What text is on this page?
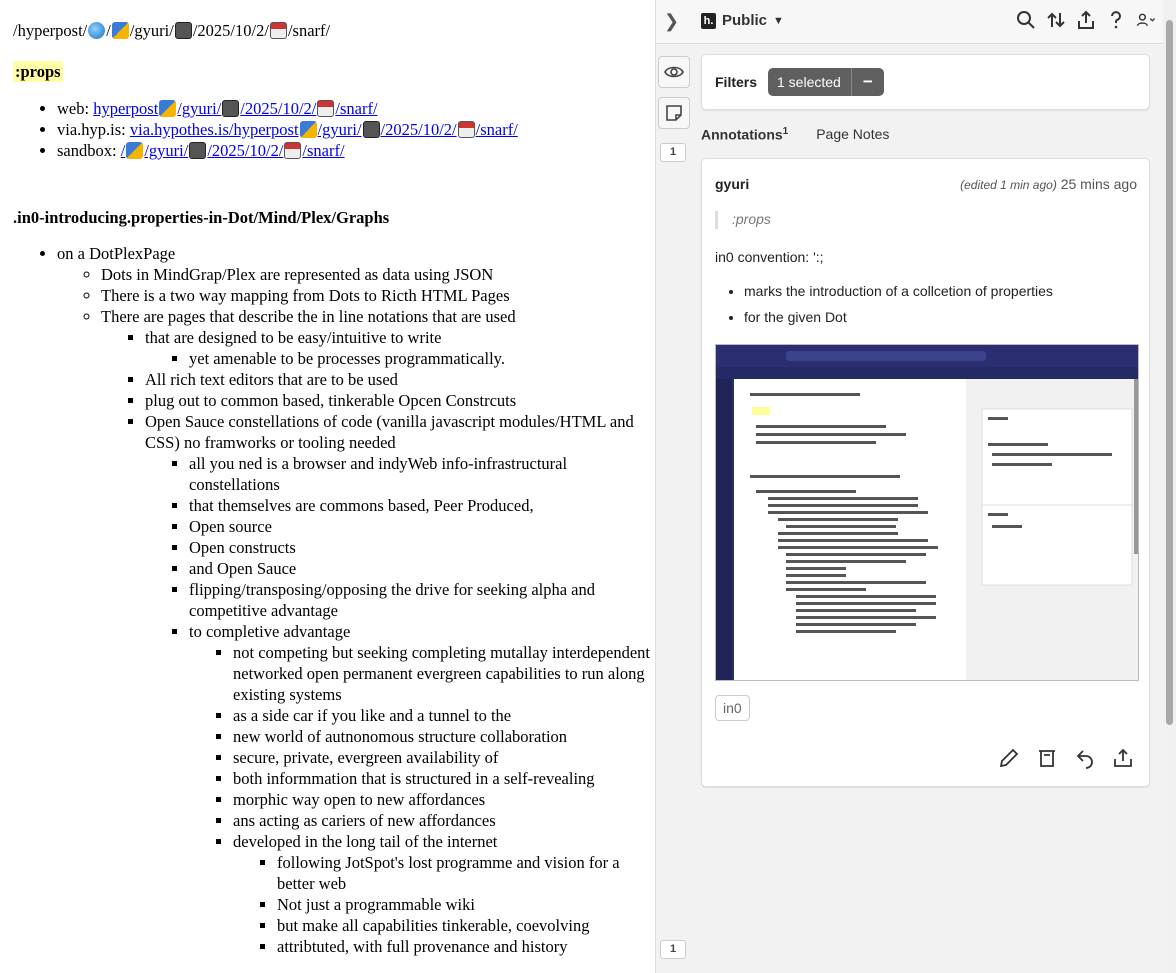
/hyperpost/ / /gyuri/ /2025/10/2/ /snarf/
:props
• web: hyperpost /gyuri/ /2025/10/2/ /snarf/
• via.hyp.is: via.hypothes.is/hyperpost /gyuri/ /2025/10/2/ /snarf/
• sandbox: / /gyuri/ /2025/10/2/ /snarf/
.in0-introducing.properties-in-Dot/Mind/Plex/Graphs
• on a DotPlexPage
◦ Dots in MindGrap/Plex are represented as data using JSON
◦ There is a two way mapping from Dots to Ricth HTML Pages
◦ There are pages that describe the in line notations that are used
▪ that are designed to be easy/intuitive to write
▪ yet amenable to be processes programmatically.
▪ All rich text editors that are to be used
▪ plug out to common based, tinkerable Opcen Constrcuts
▪ Open Sauce constellations of code (vanilla javascript modules/HTML and CSS) no framworks or tooling needed
▪ all you ned is a browser and indyWeb info-infrastructural constellations
▪ that themselves are commons based, Peer Produced,
▪ Open source
▪ Open constructs
▪ and Open Sauce
▪ flipping/transposing/opposing the drive for seeking alpha and competitive advantage
▪ to completive advantage
▪ not competing but seeking completing mutallay interdependent networked open permanent evergreen capabilities to run along existing systems
▪ as a side car if you like and a tunnel to the
▪ new world of autnonomous structure collaboration
▪ secure, private, evergreen availability of
▪ both informmation that is structured in a self-revealing
▪ morphic way open to new affordances
▪ ans acting as cariers of new affordances
▪ developed in the long tail of the internet
▪ following JotSpot's lost programme and vision for a better web
▪ Not just a programmable wiki
▪ but make all capabilities tinkerable, coevolving
▪ attribtuted, with full provenance and history
❯ h. Public ▼
1
1
Filters	1 selected	−
Annotations$^1$ Page Notes
gyuri	(edited 1 min ago) 25 mins ago
:props
in0 convention: ':;
• marks the introduction of a collcetion of properties
• for the given Dot
in0
